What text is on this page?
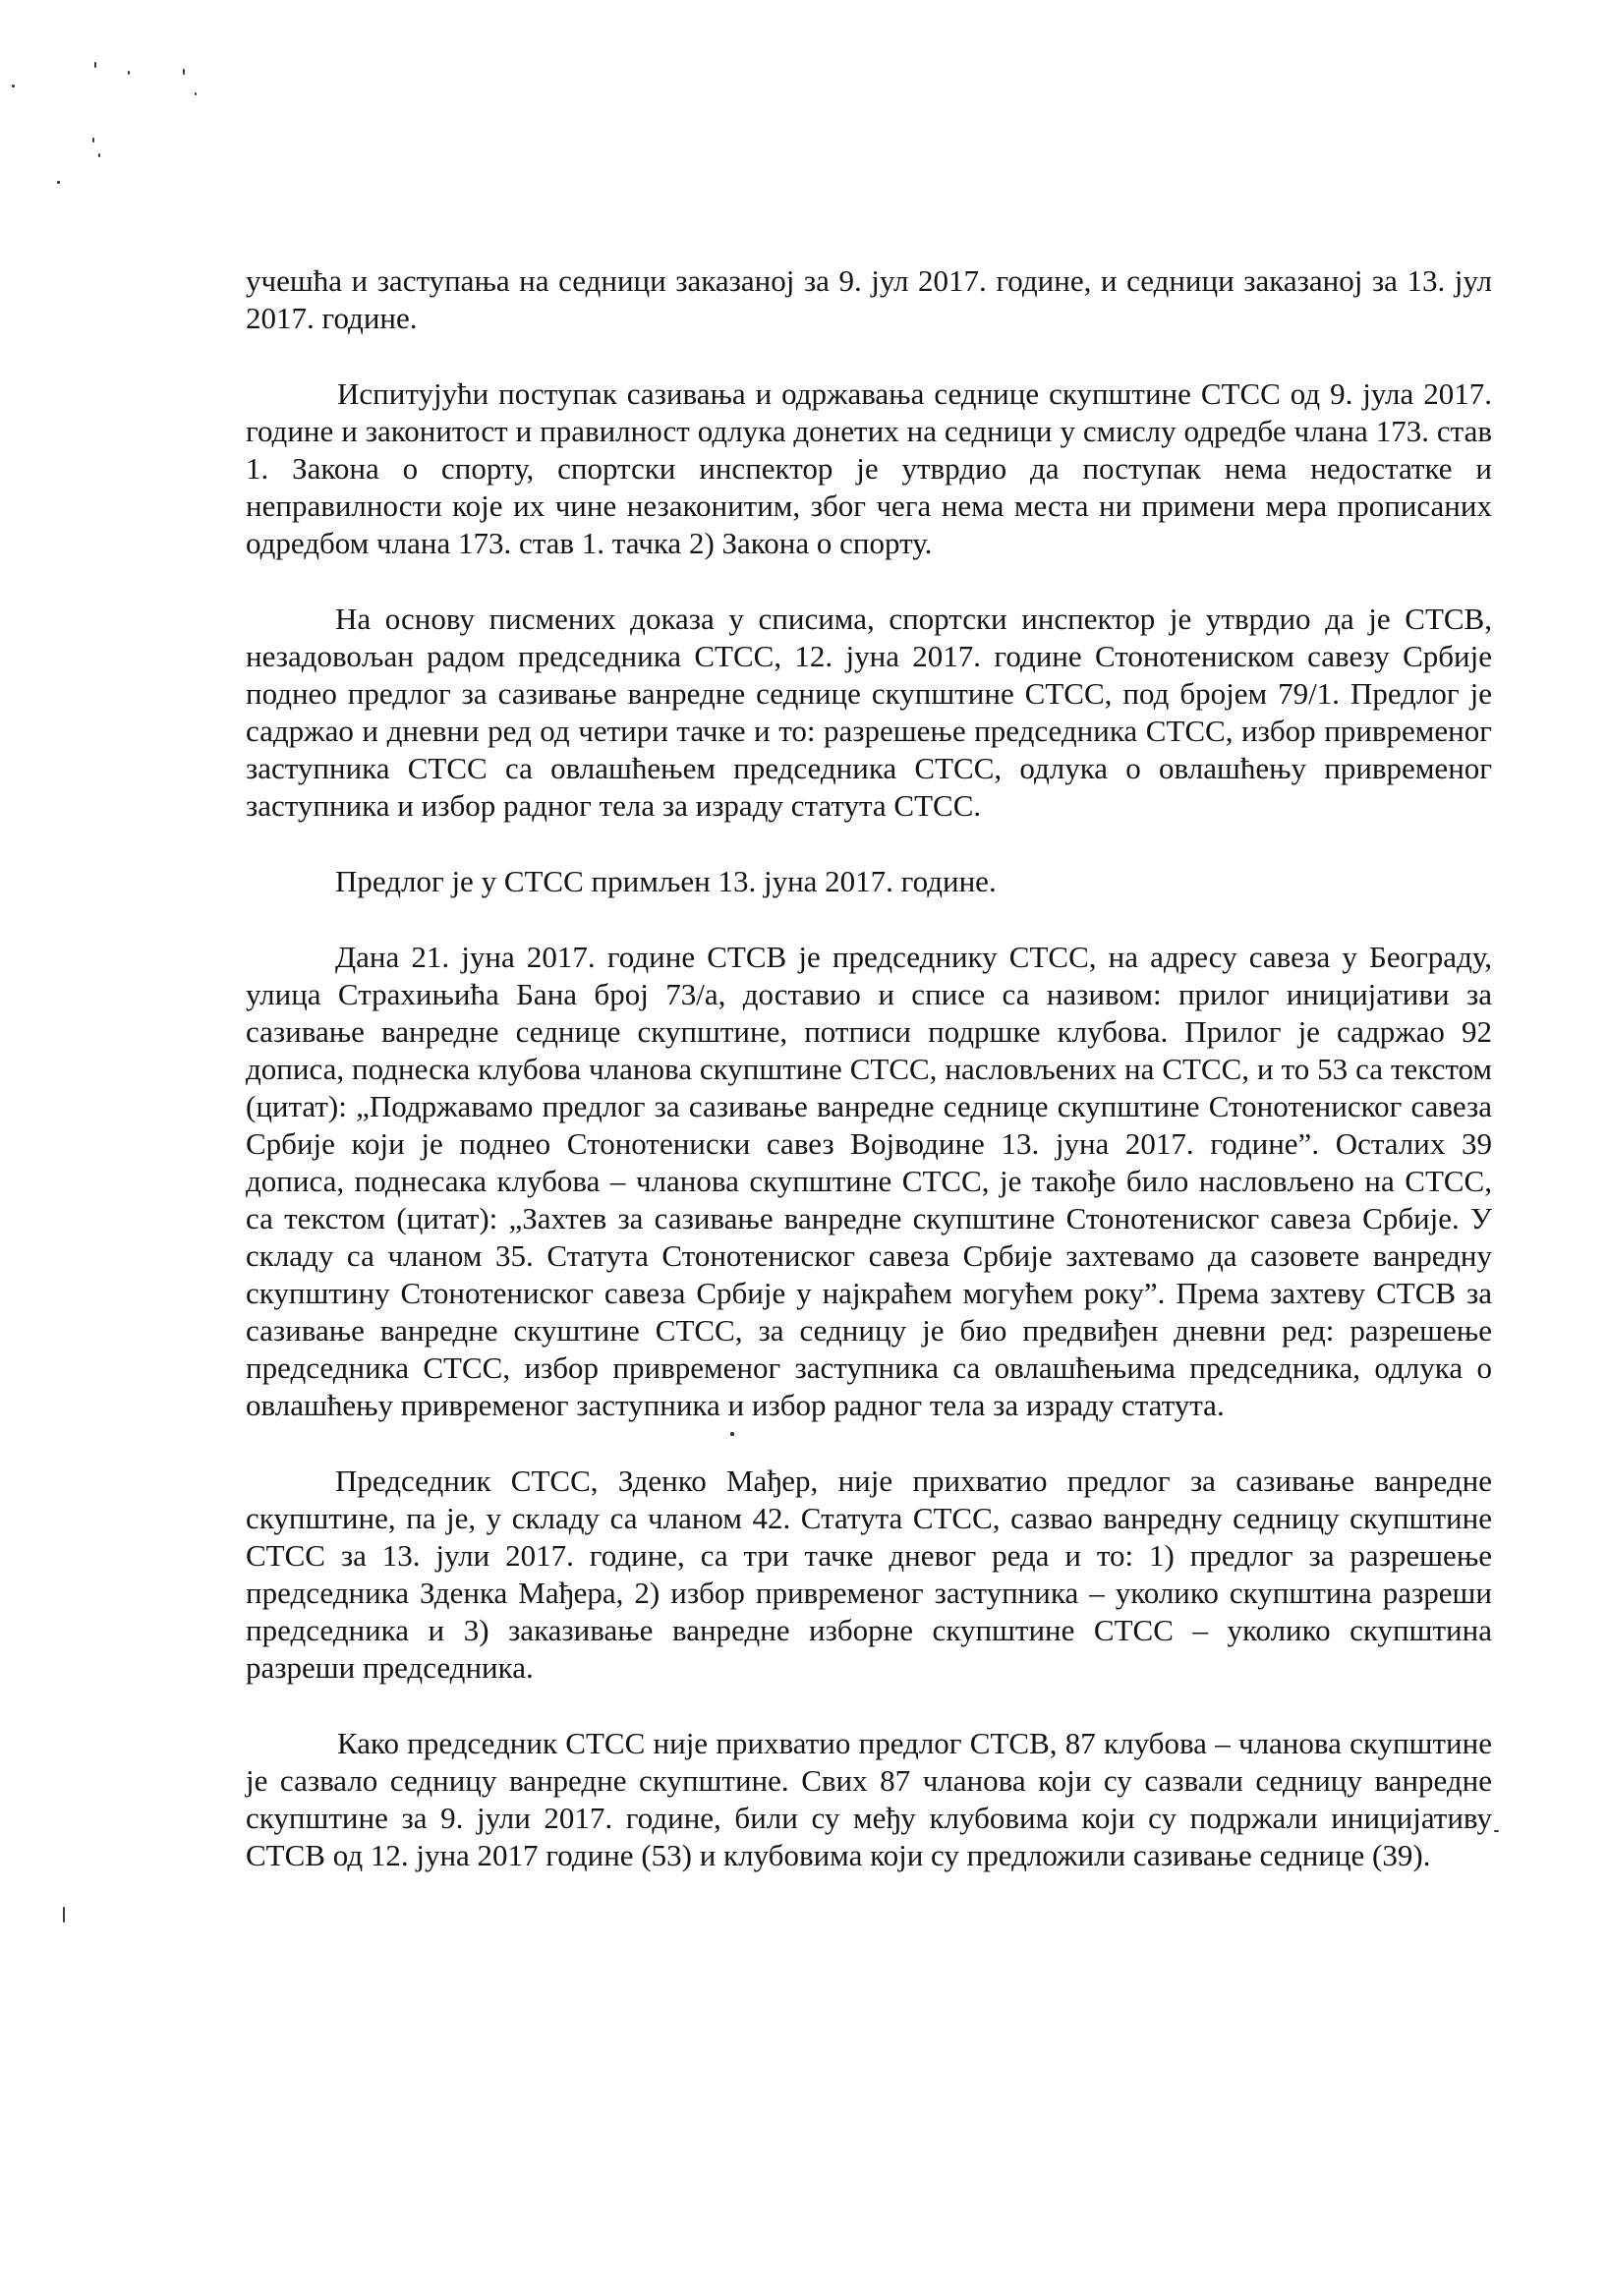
учешћа и заступања на седници заказаној за 9. јул 2017. године, и седници заказаној за 13. јул 2017. године.

Испитујући поступак сазивања и одржавања седнице скупштине СТСС од 9. јула 2017. године и законитост и правилност одлука донетих на седници у смислу одредбе члана 173. став 1. Закона о спорту, спортски инспектор је утврдио да поступак нема недостатке и неправилности које их чине незаконитим, због чега нема места ни примени мера прописаних одредбом члана 173. став 1. тачка 2) Закона о спорту.

На основу писмених доказа у списима, спортски инспектор је утврдио да је СТСВ, незадовољан радом председника СТСС, 12. јуна 2017. године Стонотениском савезу Србије поднео предлог за сазивање ванредне седнице скупштине СТСС, под бројем 79/1. Предлог је садржао и дневни ред од четири тачке и то: разрешење председника СТСС, избор привременог заступника СТСС са овлашћењем председника СТСС, одлука о овлашћењу привременог заступника и избор радног тела за израду статута СТСС.

Предлог је у СТСС примљен 13. јуна 2017. године.

Дана 21. јуна 2017. године СТСВ је председнику СТСС, на адресу савеза у Београду, улица Страхињића Бана број 73/а, доставио и списе са називом: прилог иницијативи за сазивање ванредне седнице скупштине, потписи подршке клубова. Прилог је садржао 92 дописа, поднеска клубова чланова скупштине СТСС, насловљених на СТСС, и то 53 са текстом (цитат): „Подржавамо предлог за сазивање ванредне седнице скупштине Стонотениског савеза Србије који је поднео Стонотениски савез Војводине 13. јуна 2017. године”. Осталих 39 дописа, поднесака клубова – чланова скупштине СТСС, је такође било насловљено на СТСС, са текстом (цитат): „Захтев за сазивање ванредне скупштине Стонотениског савеза Србије. У складу са чланом 35. Статута Стонотениског савеза Србије захтевамо да сазовете ванредну скупштину Стонотениског савеза Србије у најкраћем могућем року”. Према захтеву СТСВ за сазивање ванредне скуштине СТСС, за седницу је био предвиђен дневни ред: разрешење председника СТСС, избор привременог заступника са овлашћењима председника, одлука о овлашћењу привременог заступника и избор радног тела за израду статута.

Председник СТСС, Зденко Мађер, није прихватио предлог за сазивање ванредне скупштине, па је, у складу са чланом 42. Статута СТСС, сазвао ванредну седницу скупштине СТСС за 13. јули 2017. године, са три тачке дневог реда и то: 1) предлог за разрешење председника Зденка Мађера, 2) избор привременог заступника – уколико скупштина разреши председника и 3) заказивање ванредне изборне скупштине СТСС – уколико скупштина разреши председника.

Како председник СТСС није прихватио предлог СТСВ, 87 клубова – чланова скупштине је сазвало седницу ванредне скупштине. Свих 87 чланова који су сазвали седницу ванредне скупштине за 9. јули 2017. године, били су међу клубовима који су подржали иницијативу СТСВ од 12. јуна 2017 године (53) и клубовима који су предложили сазивање седнице (39).
